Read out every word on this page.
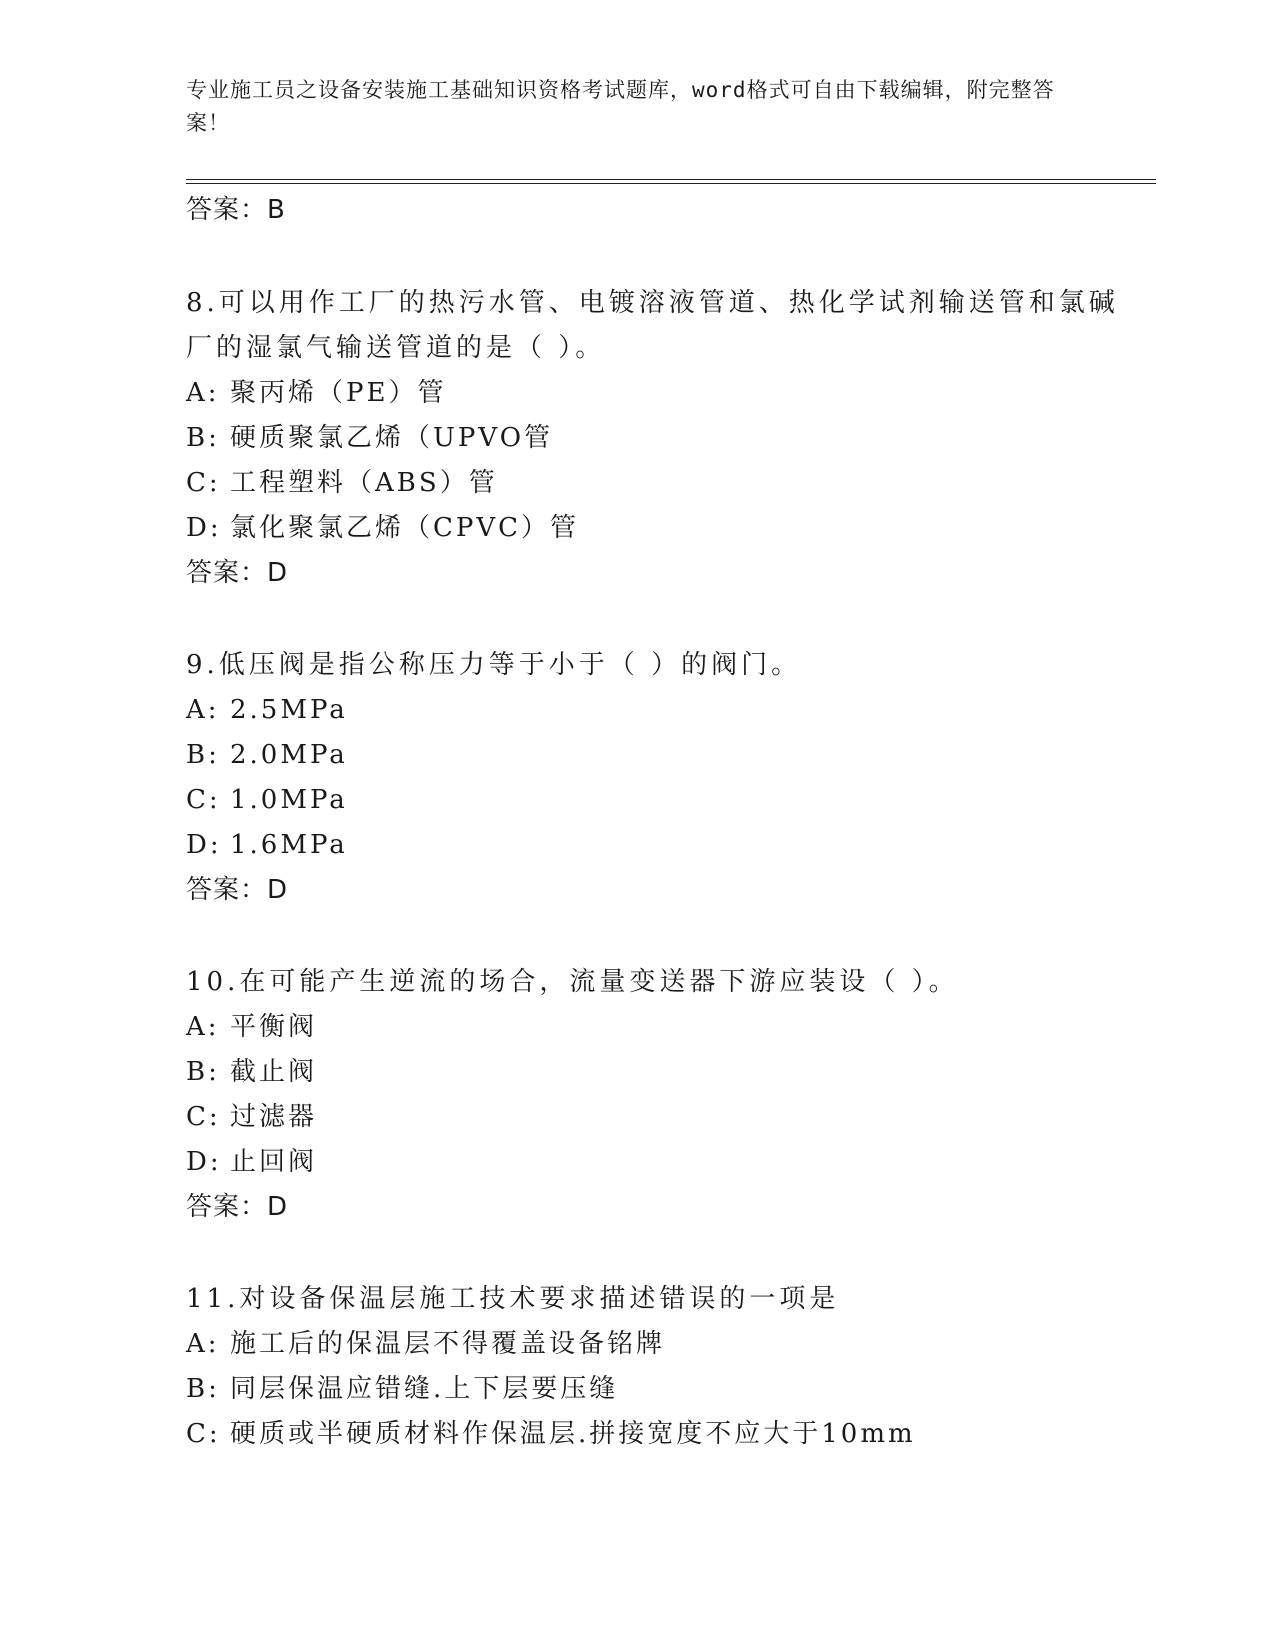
专业施工员之设备安装施工基础知识资格考试题库，word格式可自由下载编辑，附完整答案！
答案：B
8.可以用作工厂的热污水管、电镀溶液管道、热化学试剂输送管和氯碱厂的湿氯气输送管道的是（ ）。
A: 聚丙烯（PE）管
B: 硬质聚氯乙烯（UPVO管
C: 工程塑料（ABS）管
D: 氯化聚氯乙烯（CPVC）管
答案：D
9.低压阀是指公称压力等于小于（ ）的阀门。
A: 2.5MPa
B: 2.0MPa
C: 1.0MPa
D: 1.6MPa
答案：D
10.在可能产生逆流的场合，流量变送器下游应装设（ ）。
A: 平衡阀
B: 截止阀
C: 过滤器
D: 止回阀
答案：D
11.对设备保温层施工技术要求描述错误的一项是
A: 施工后的保温层不得覆盖设备铭牌
B: 同层保温应错缝.上下层要压缝
C: 硬质或半硬质材料作保温层.拼接宽度不应大于10mm
